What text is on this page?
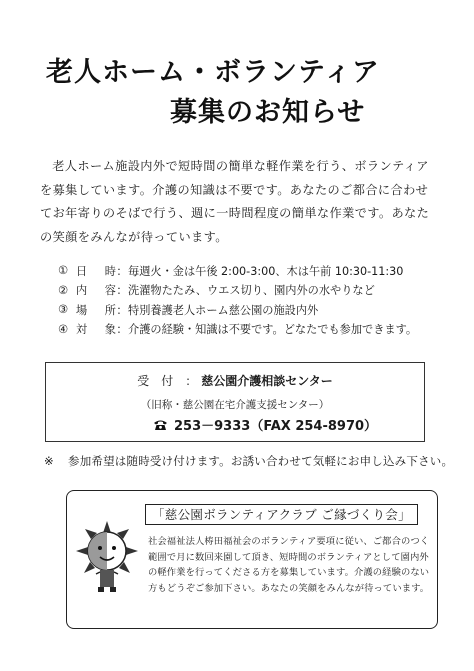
老人ホーム・ボランティア
募集のお知らせ

老人ホーム施設内外で短時間の簡単な軽作業を行う、ボランティアを募集しています。介護の知識は不要です。あなたのご都合に合わせてお年寄りのそばで行う、週に一時間程度の簡単な作業です。あなたの笑顔をみんなが待っています。

① 日 時 ： 毎週火・金は午後 2:00-3:00、木は午前 10:30-11:30
② 内 容 ： 洗濯物たたみ、ウエス切り、園内外の水やりなど
③ 場 所 ： 特別養護老人ホーム慈公園の施設内外
④ 対 象 ： 介護の経験・知識は不要です。どなたでも参加できます。
受　付　： 慈公園介護相談センター
（旧称・慈公園在宅介護支援センター）
253－9333（FAX 254-8970）
※ 参加希望は随時受け付けます。お誘い合わせて気軽にお申し込み下さい。
「慈公園ボランティアクラブ ご縁づくり会」

社会福祉法人梼田福祉会のボランティア要項に従い、ご都合のつく範囲で月に数回来園して頂き、短時間のボランティアとして園内外の軽作業を行ってくださる方を募集しています。介護の経験のない方もどうぞご参加下さい。あなたの笑顔をみんなが待っています。
